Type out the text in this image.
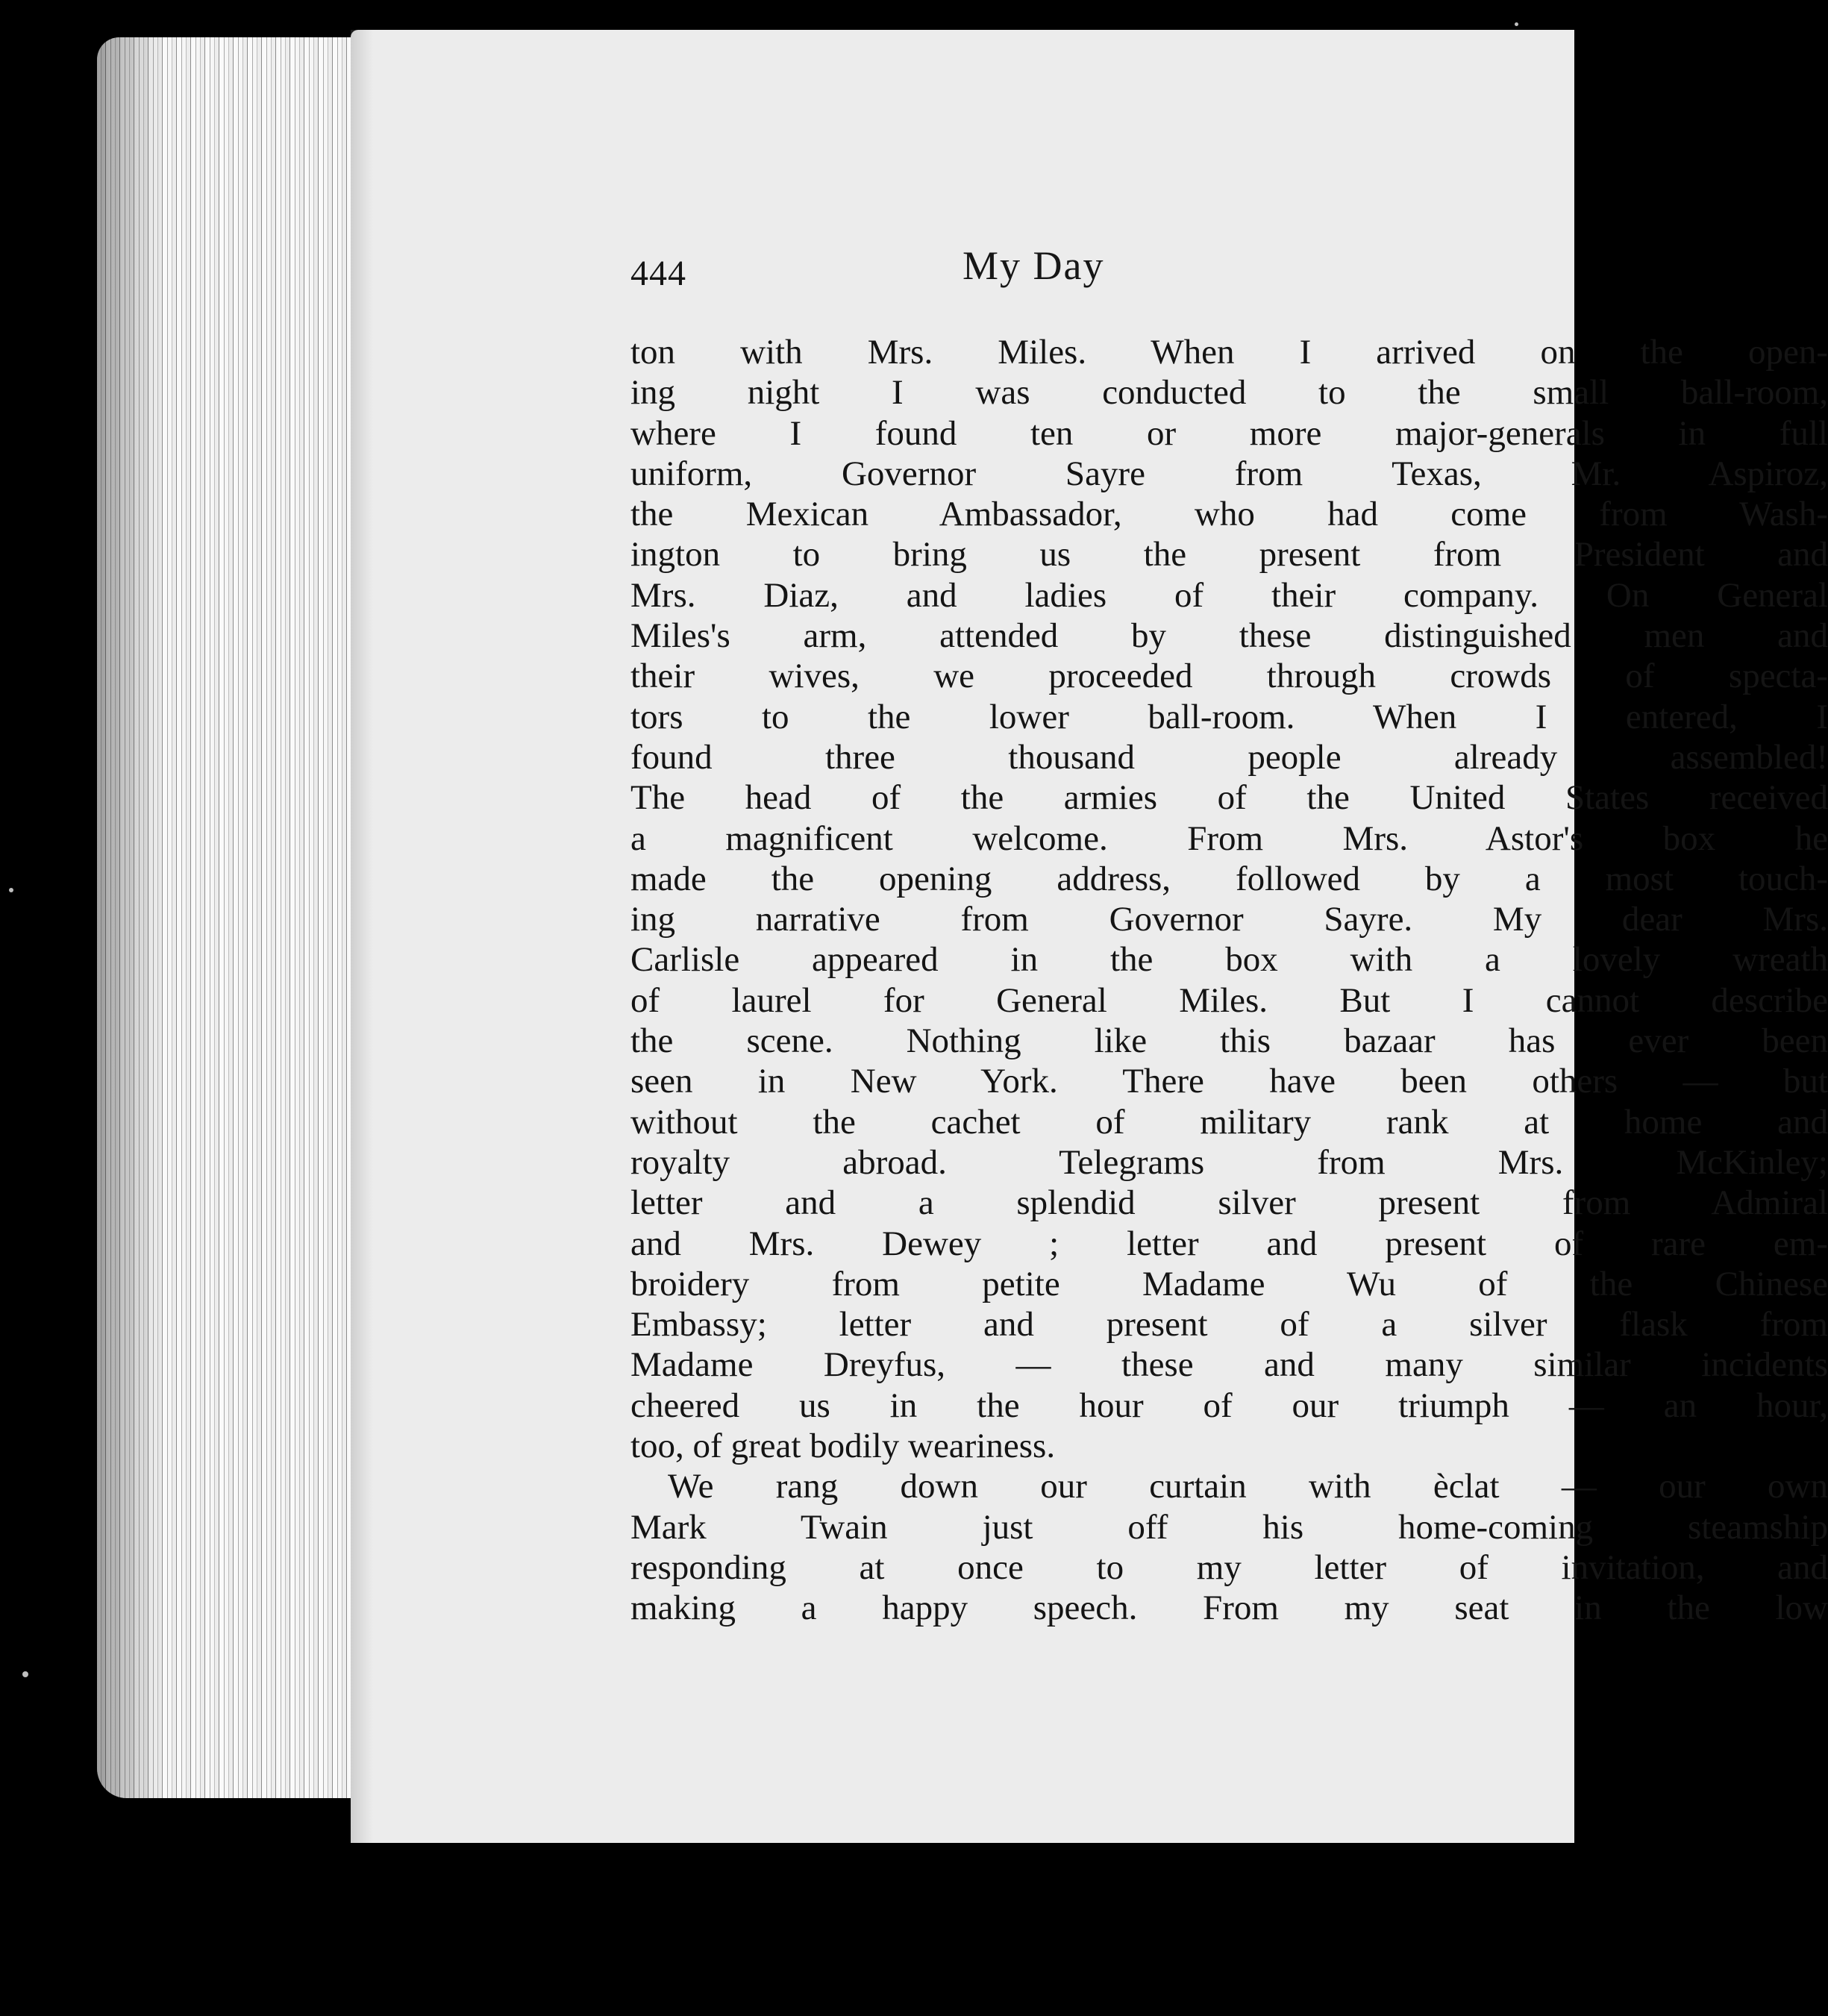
444	My Day
ton with Mrs. Miles. When I arrived on the open-
ing night I was conducted to the small ball-room,
where I found ten or more major-generals in full
uniform, Governor Sayre from Texas, Mr. Aspiroz,
the Mexican Ambassador, who had come from Wash-
ington to bring us the present from President and
Mrs. Diaz, and ladies of their company. On General
Miles's arm, attended by these distinguished men and
their wives, we proceeded through crowds of specta-
tors to the lower ball-room. When I entered, I
found three thousand people already assembled!
The head of the armies of the United States received
a magnificent welcome. From Mrs. Astor's box he
made the opening address, followed by a most touch-
ing narrative from Governor Sayre. My dear Mrs.
Carlisle appeared in the box with a lovely wreath
of laurel for General Miles. But I cannot describe
the scene. Nothing like this bazaar has ever been
seen in New York. There have been others — but
without the cachet of military rank at home and
royalty abroad. Telegrams from Mrs. McKinley;
letter and a splendid silver present from Admiral
and Mrs. Dewey ; letter and present of rare em-
broidery from petite Madame Wu of the Chinese
Embassy; letter and present of a silver flask from
Madame Dreyfus, — these and many similar incidents
cheered us in the hour of our triumph — an hour,
too, of great bodily weariness.
We rang down our curtain with èclat — our own
Mark Twain just off his home-coming steamship
responding at once to my letter of invitation, and
making a happy speech. From my seat in the low
